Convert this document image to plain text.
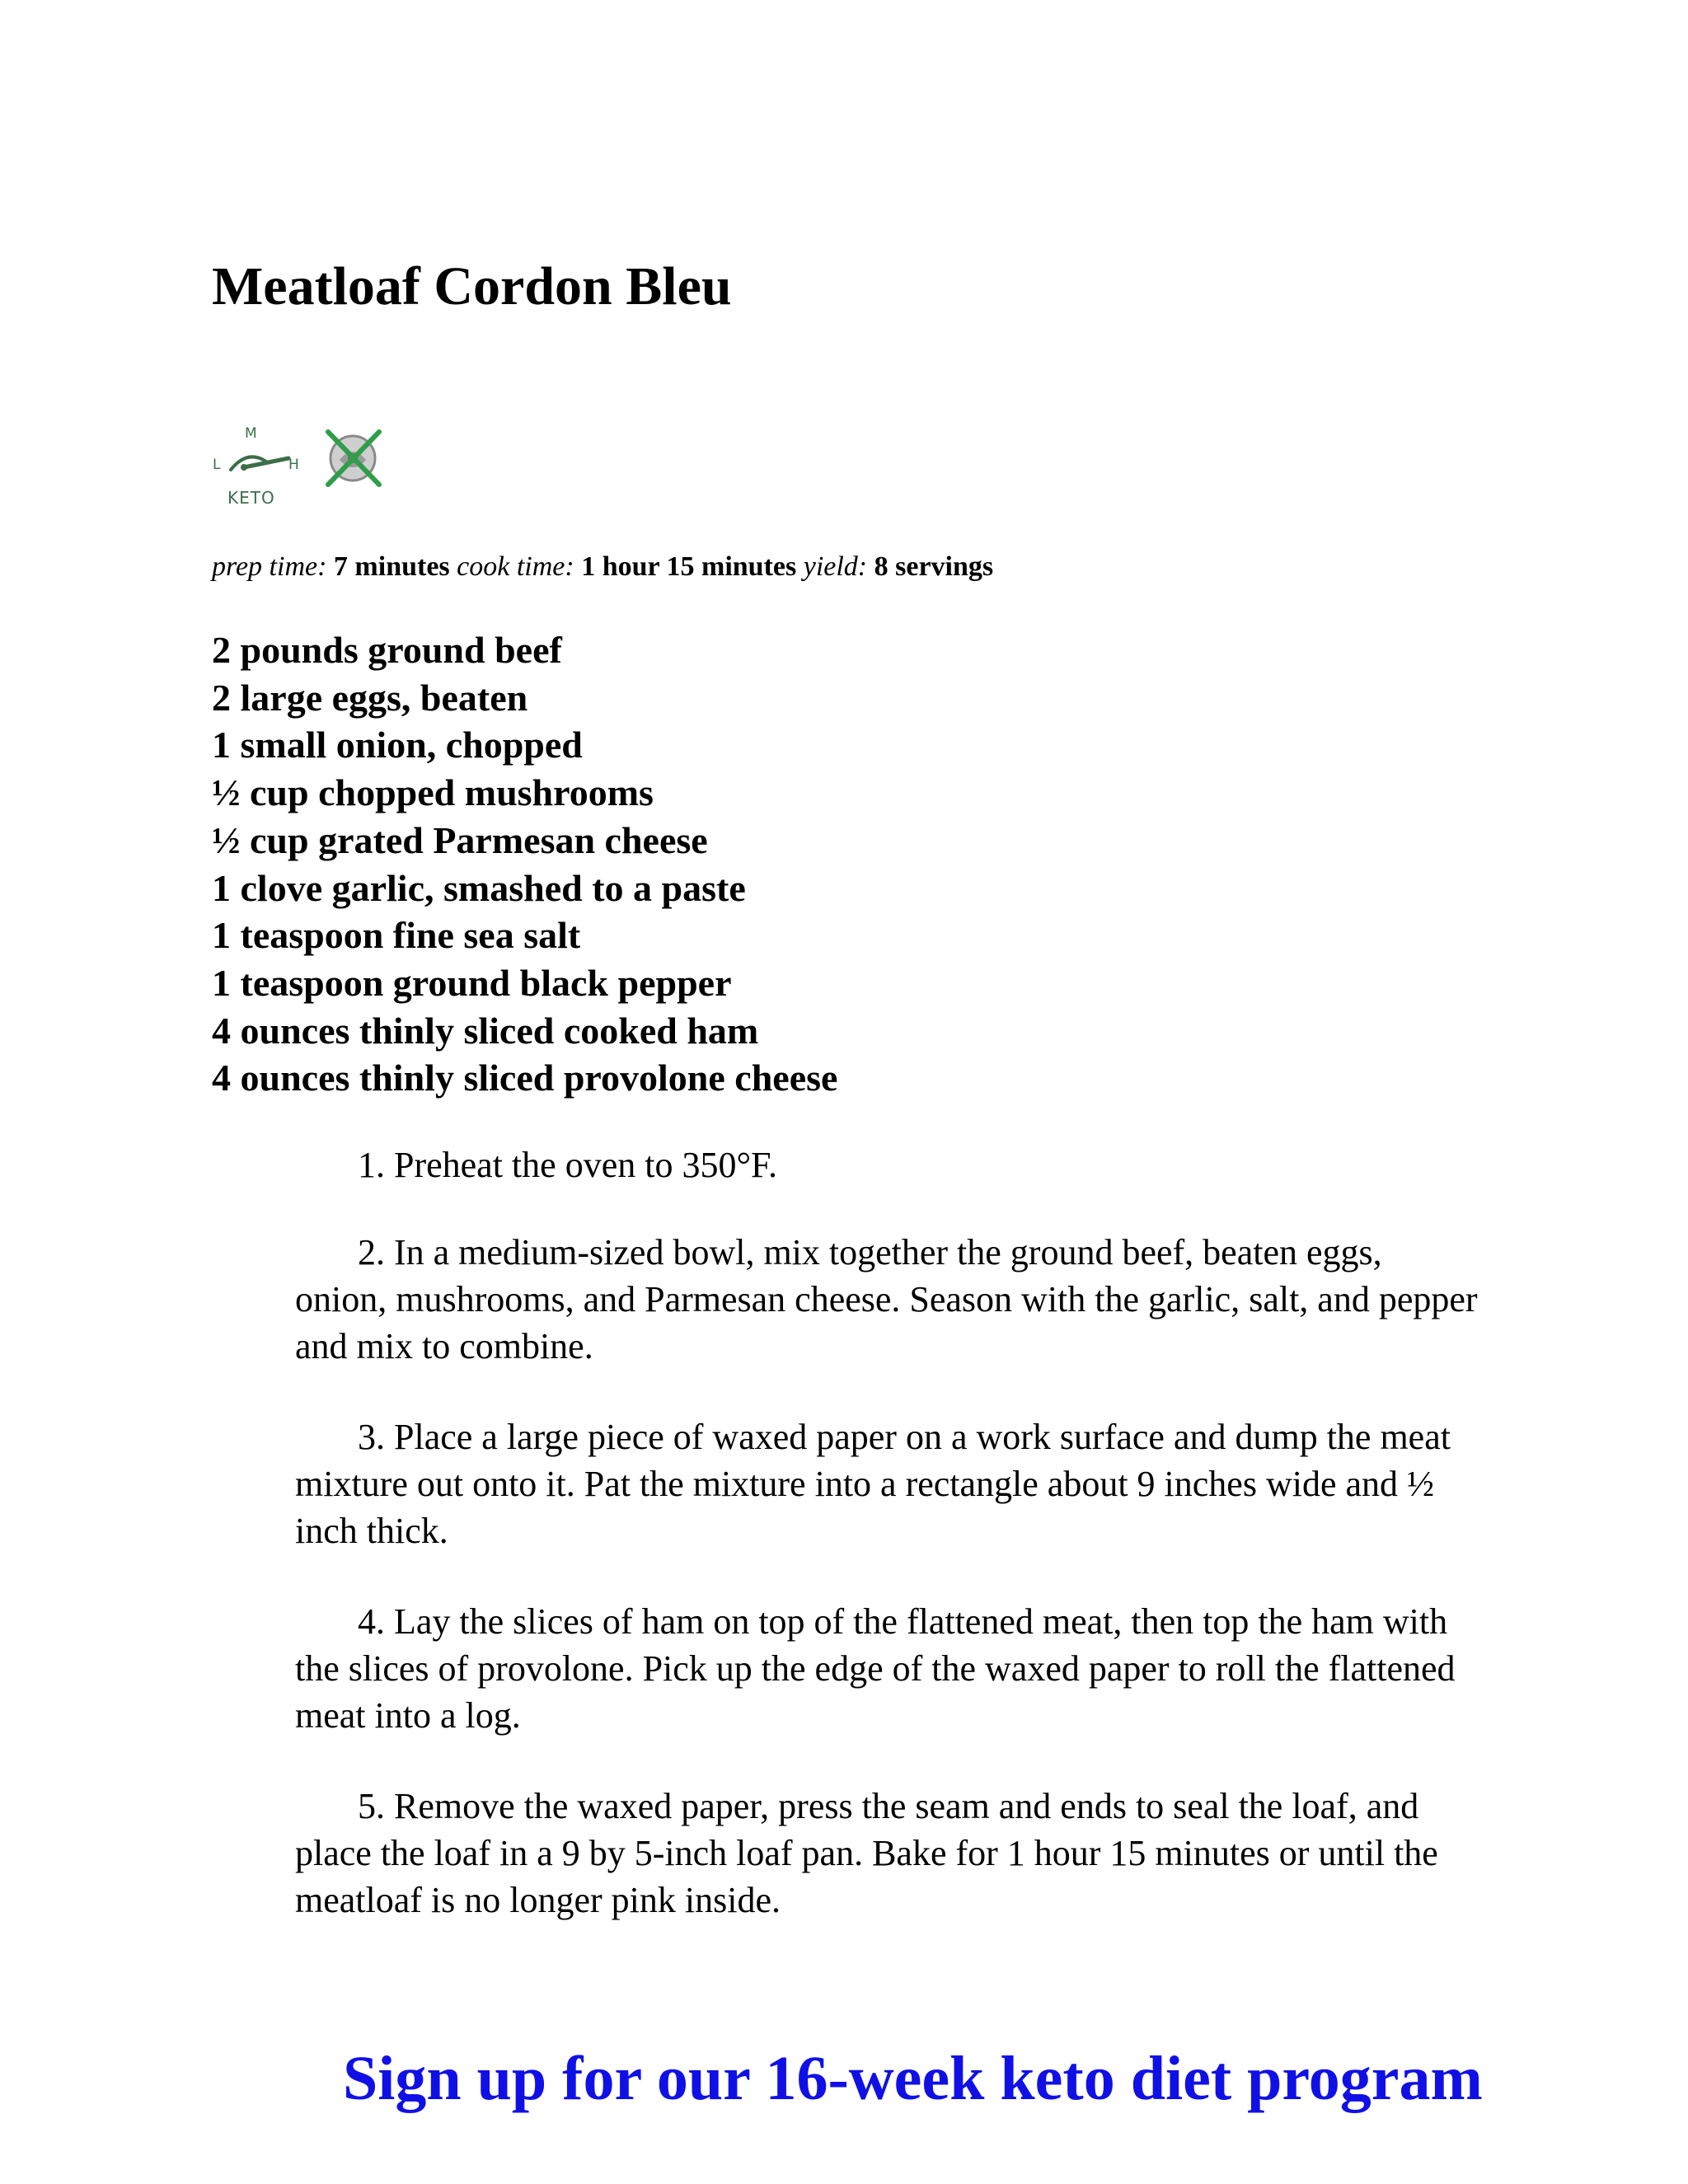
Meatloaf Cordon Bleu
L
M
H
KETO
prep time: 7 minutes cook time: 1 hour 15 minutes yield: 8 servings
2 pounds ground beef
2 large eggs, beaten
1 small onion, chopped
½ cup chopped mushrooms
½ cup grated Parmesan cheese
1 clove garlic, smashed to a paste
1 teaspoon fine sea salt
1 teaspoon ground black pepper
4 ounces thinly sliced cooked ham
4 ounces thinly sliced provolone cheese
1. Preheat the oven to 350°F.
2. In a medium-sized bowl, mix together the ground beef, beaten eggs, onion, mushrooms, and Parmesan cheese. Season with the garlic, salt, and pepper and mix to combine.
3. Place a large piece of waxed paper on a work surface and dump the meat mixture out onto it. Pat the mixture into a rectangle about 9 inches wide and ½ inch thick.
4. Lay the slices of ham on top of the flattened meat, then top the ham with the slices of provolone. Pick up the edge of the waxed paper to roll the flattened meat into a log.
5. Remove the waxed paper, press the seam and ends to seal the loaf, and place the loaf in a 9 by 5-inch loaf pan. Bake for 1 hour 15 minutes or until the meatloaf is no longer pink inside.
Sign up for our 16-week keto diet program
